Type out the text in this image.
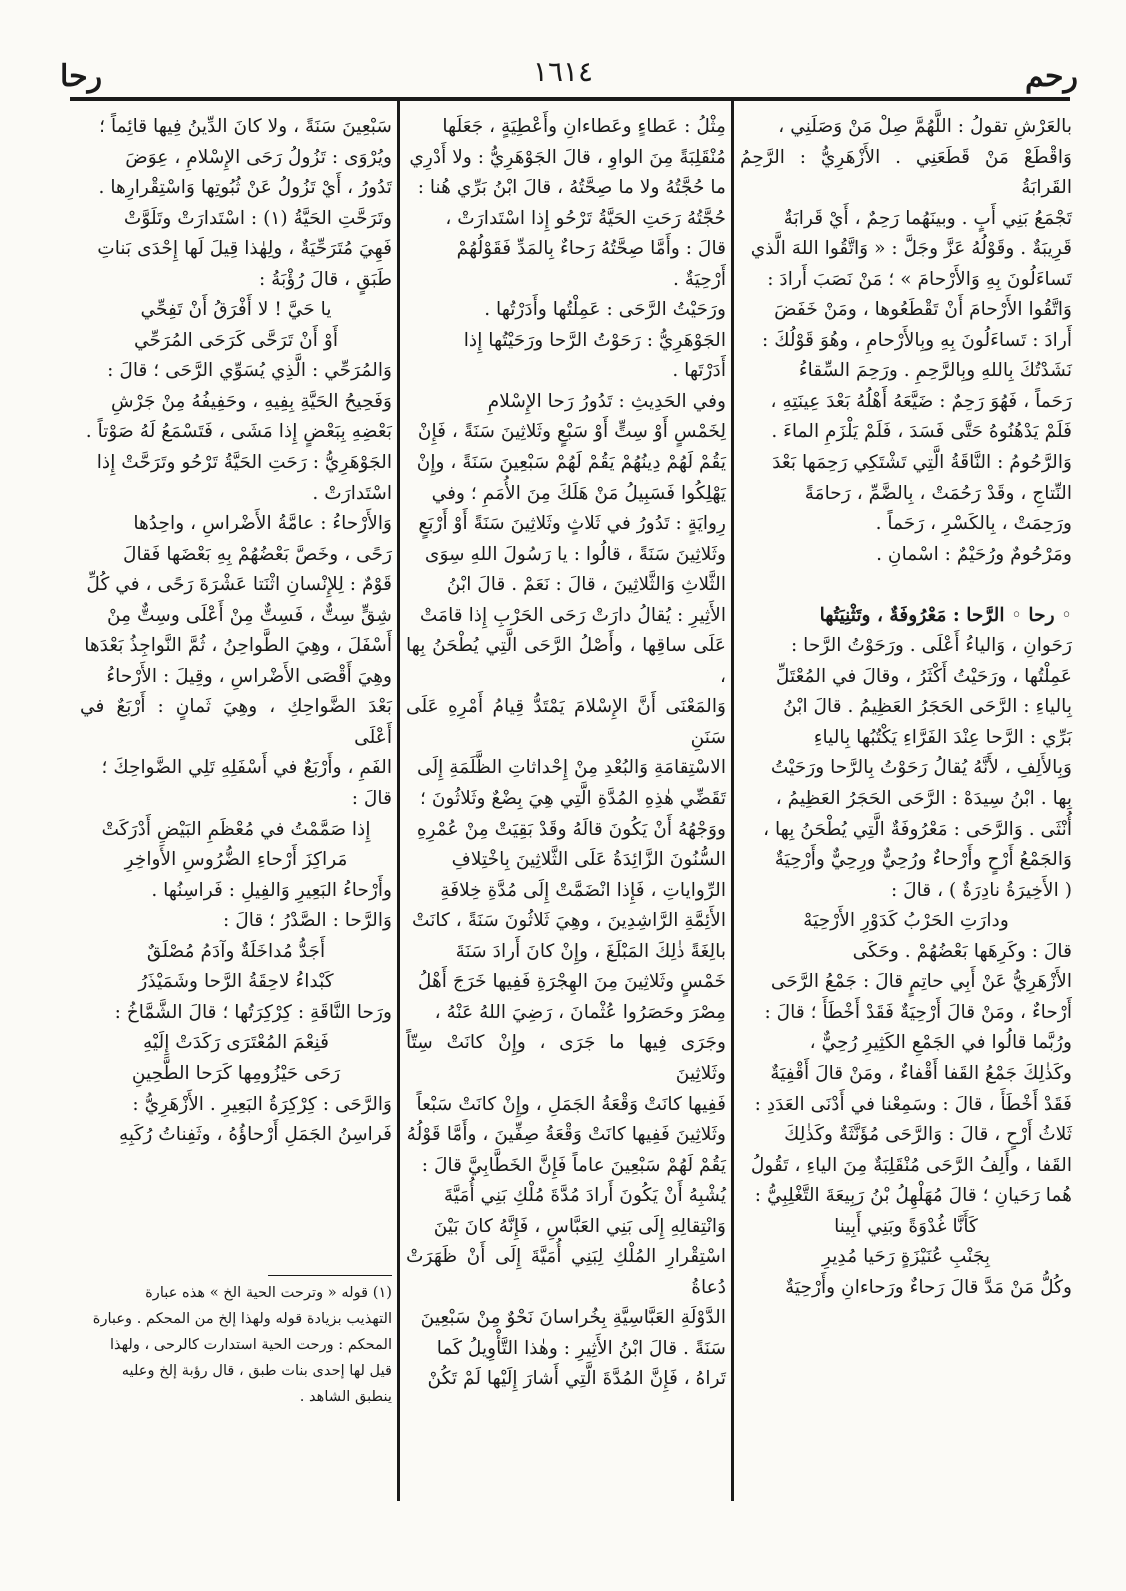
رحم
١٦١٤
رحا

بالعَرْشِ تقولُ : اللَّهُمَّ صِلْ مَنْ وَصَلَنِي ،

وَاقْطَعْ مَنْ قَطَعَنِي . الأَزْهَرِيُّ : الرَّحِمُ القَرابَةُ

تَجْمَعُ بَنِي أَبٍ . وبينَهُما رَحِمٌ ، أَيْ قَرابَةٌ

قَرِيبَةٌ . وقَوْلُهُ عَزَّ وجَلَّ : « وَاتَّقُوا اللهَ الَّذي

تَساءَلُونَ بِهِ وَالأَرْحامَ » ؛ مَنْ نَصَبَ أَرادَ :

وَاتَّقُوا الأَرْحامَ أَنْ تَقْطَعُوها ، ومَنْ خَفَضَ

أَرادَ : تَساءَلُونَ بِهِ وبِالأَرْحامِ ، وهُوَ قَوْلُكَ :

نَشَدْتُكَ بِاللهِ وبِالرَّحِمِ . ورَحِمَ السِّقاءُ

رَحَماً ، فَهُوَ رَحِمٌ : ضَيَّعَهُ أَهْلُهُ بَعْدَ عِينَتِهِ ،

فَلَمْ يَدْهُنُوهُ حَتَّى فَسَدَ ، فَلَمْ يَلْزَمِ الماءَ .

وَالرَّحُومُ : النَّاقَةُ الَّتِي تَشْتَكِي رَحِمَها بَعْدَ

النِّتاجِ ، وقَدْ رَحُمَتْ ، بِالضَّمِّ ، رَحامَةً

ورَحِمَتْ ، بِالكَسْرِ ، رَحَماً .

ومَرْحُومٌ ورُحَيْمٌ : اسْمانِ .

◦ رحا ◦ الرَّحا : مَعْرُوفَةٌ ، وتَثْنِيَتُها

رَحَوانِ ، وَالياءُ أَعْلَى . ورَحَوْتُ الرَّحا :

عَمِلْتُها ، ورَحَيْتُ أَكْثَرُ ، وقالَ في المُعْتَلِّ

بِالياءِ : الرَّحَى الحَجَرُ العَظِيمُ . قالَ ابْنُ

بَرِّي : الرَّحا عِنْدَ الفَرَّاءِ يَكْتُبُها بِالياءِ

وَبِالأَلِفِ ، لأَنَّهُ يُقالُ رَحَوْتُ بِالرَّحا ورَحَيْتُ

بِها . ابْنُ سِيدَهْ : الرَّحَى الحَجَرُ العَظِيمُ ،

أُنْثَى . وَالرَّحَى : مَعْرُوفَةٌ الَّتِي يُطْحَنُ بِها ،

وَالجَمْعُ أَرْحٍ وأَرْحاءٌ ورُحِيٌّ ورِحِيٌّ وأَرْحِيَةٌ

( الأَخِيرَةُ نادِرَةٌ ) ، قالَ :

ودارَتِ الحَرْبُ كَدَوْرِ الأَرْحِيَهْ

قالَ : وكَرِهَها بَعْضُهُمْ . وحَكَى

الأَزْهَرِيُّ عَنْ أَبِي حاتِمٍ قالَ : جَمْعُ الرَّحَى

أَرْحاءٌ ، ومَنْ قالَ أَرْحِيَةٌ فَقَدْ أَخْطَأَ ؛ قالَ :

ورُبَّما قالُوا في الجَمْعِ الكَثِيرِ رُحِيٌّ ،

وكَذٰلِكَ جَمْعُ القَفا أَقْفاءٌ ، ومَنْ قالَ أَقْفِيَةٌ

فَقَدْ أَخْطَأَ ، قالَ : وسَمِعْنا في أَدْنَى العَدَدِ :

ثَلاثُ أَرْحٍ ، قالَ : وَالرَّحَى مُؤَنَّثَةٌ وكَذٰلِكَ

القَفا ، وأَلِفُ الرَّحَى مُنْقَلِبَةٌ مِنَ الياءِ ، تَقُولُ

هُما رَحَيانِ ؛ قالَ مُهَلْهِلُ بْنُ رَبِيعَةَ التَّغْلِبِيُّ :

كَأَنَّا غُدْوَةً وبَنِي أَبِينا

بِجَنْبِ عُنَيْزَةٍ رَحَيا مُدِيرِ

وكُلُّ مَنْ مَدَّ قالَ رَحاءٌ ورَحاءانِ وأَرْحِيَةٌ

مِثْلُ : عَطاءٍ وعَطاءانِ وأَعْطِيَةٍ ، جَعَلَها

مُنْقَلِبَةً مِنَ الواوِ ، قالَ الجَوْهَرِيُّ : ولا أَدْرِي

ما حُجَّتُهُ ولا ما صِحَّتُهُ ، قالَ ابْنُ بَرِّي هُنا :

حُجَّتُهُ رَحَتِ الحَيَّةُ تَرْحُو إِذا اسْتَدارَتْ ،

قالَ : وأَمَّا صِحَّتُهُ رَحاءٌ بِالمَدِّ فَقَوْلُهُمْ

أَرْحِيَةٌ .

ورَحَيْتُ الرَّحَى : عَمِلْتُها وأَدَرْتُها .

الجَوْهَرِيُّ : رَحَوْتُ الرَّحا ورَحَيْتُها إِذا

أَدَرْتَها .

وفي الحَدِيثِ : تَدُورُ رَحا الإِسْلامِ

لِخَمْسٍ أَوْ سِتٍّ أَوْ سَبْعٍ وثَلاثِينَ سَنَةً ، فَإِنْ

يَقُمْ لَهُمْ دِينُهُمْ يَقُمْ لَهُمْ سَبْعِينَ سَنَةً ، وإِنْ

يَهْلِكُوا فَسَبِيلُ مَنْ هَلَكَ مِنَ الأُمَمِ ؛ وفي

رِوايَةٍ : تَدُورُ في ثَلاثٍ وثَلاثِينَ سَنَةً أَوْ أَرْبَعٍ

وثَلاثِينَ سَنَةً ، قالُوا : يا رَسُولَ اللهِ سِوَى

الثَّلاثِ وَالثَّلاثِينَ ، قالَ : نَعَمْ . قالَ ابْنُ

الأَثِيرِ : يُقالُ دارَتْ رَحَى الحَرْبِ إِذا قامَتْ

عَلَى ساقِها ، وأَصْلُ الرَّحَى الَّتِي يُطْحَنُ بِها ،

وَالمَعْنَى أَنَّ الإِسْلامَ يَمْتَدُّ قِيامُ أَمْرِهِ عَلَى سَنَنِ

الاسْتِقامَةِ وَالبُعْدِ مِنْ إِحْداثاتِ الظَّلَمَةِ إِلَى

تَقَضِّي هٰذِهِ المُدَّةِ الَّتِي هِيَ بِضْعٌ وثَلاثُونَ ؛

ووَجْهُهُ أَنْ يَكُونَ قالَهُ وقَدْ بَقِيَتْ مِنْ عُمْرِهِ

السُّنُونَ الزَّائِدَةُ عَلَى الثَّلاثِينَ بِاخْتِلافِ

الرِّواياتِ ، فَإِذا انْضَمَّتْ إِلَى مُدَّةِ خِلافَةِ

الأَئِمَّةِ الرَّاشِدِينَ ، وهِيَ ثَلاثُونَ سَنَةً ، كانَتْ

بالِغَةً ذٰلِكَ المَبْلَغَ ، وإِنْ كانَ أَرادَ سَنَةَ

خَمْسٍ وثَلاثِينَ مِنَ الهِجْرَةِ فَفِيها خَرَجَ أَهْلُ

مِصْرَ وحَصَرُوا عُثْمانَ ، رَضِيَ اللهُ عَنْهُ ،

وجَرَى فِيها ما جَرَى ، وإِنْ كانَتْ سِتّاً وثَلاثِينَ

فَفِيها كانَتْ وَقْعَةُ الجَمَلِ ، وإِنْ كانَتْ سَبْعاً

وثَلاثِينَ فَفِيها كانَتْ وَقْعَةُ صِفِّينَ ، وأَمَّا قَوْلُهُ

يَقُمْ لَهُمْ سَبْعِينَ عاماً فَإِنَّ الخَطَّابِيَّ قالَ :

يُشْبِهُ أَنْ يَكُونَ أَرادَ مُدَّةَ مُلْكِ بَنِي أُمَيَّةَ

وَانْتِقالِهِ إِلَى بَنِي العَبَّاسِ ، فَإِنَّهُ كانَ بَيْنَ

اسْتِقْرارِ المُلْكِ لِبَنِي أُمَيَّةَ إِلَى أَنْ ظَهَرَتْ دُعاةُ

الدَّوْلَةِ العَبَّاسِيَّةِ بِخُراسانَ نَحْوٌ مِنْ سَبْعِينَ

سَنَةً . قالَ ابْنُ الأَثِيرِ : وهٰذا التَّأْوِيلُ كَما

تَراهُ ، فَإِنَّ المُدَّةَ الَّتِي أَشارَ إِلَيْها لَمْ تَكُنْ

سَبْعِينَ سَنَةً ، ولا كانَ الدِّينُ فِيها قائِماً ؛

ويُرْوَى : تَزُولُ رَحَى الإِسْلامِ ، عِوَضَ

تَدُورُ ، أَيْ تَزُولُ عَنْ ثُبُوتِها وَاسْتِقْرارِها .

وتَرَحَّتِ الحَيَّةُ (١) : اسْتَدارَتْ وتَلَوَّتْ

فَهِيَ مُتَرَحِّيَةٌ ، ولِهٰذا قِيلَ لَها إِحْدَى بَناتِ

طَبَقٍ ، قالَ رُؤْبَةُ :

يا حَيَّ ! لا أَفْرَقُ أَنْ تَفِحِّي

أَوْ أَنْ تَرَحَّى كَرَحَى المُرَحِّي

وَالمُرَحِّي : الَّذِي يُسَوِّي الرَّحَى ؛ قالَ :

وَفَحِيحُ الحَيَّةِ بِفِيهِ ، وحَفِيفُهُ مِنْ جَرْشِ

بَعْضِهِ بِبَعْضٍ إِذا مَشَى ، فَتَسْمَعُ لَهُ صَوْتاً .

الجَوْهَرِيُّ : رَحَتِ الحَيَّةُ تَرْحُو وتَرَحَّتْ إِذا

اسْتَدارَتْ .

وَالأَرْحاءُ : عامَّةُ الأَضْراسِ ، واحِدُها

رَحًى ، وخَصَّ بَعْضُهُمْ بِهِ بَعْضَها فَقالَ

قَوْمٌ : لِلإِنْسانِ اثْنَتا عَشْرَةَ رَحًى ، في كُلِّ

شِقٍّ سِتٌّ ، فَسِتٌّ مِنْ أَعْلَى وسِتٌّ مِنْ

أَسْفَلَ ، وهِيَ الطَّواحِنُ ، ثُمَّ النَّواجِذُ بَعْدَها

وهِيَ أَقْصَى الأَضْراسِ ، وقِيلَ : الأَرْحاءُ

بَعْدَ الضَّواحِكِ ، وهِيَ ثَمانٍ : أَرْبَعٌ في أَعْلَى

الفَمِ ، وأَرْبَعٌ في أَسْفَلِهِ تَلِي الضَّواحِكَ ؛

قالَ :

إِذا صَمَّمْتُ في مُعْظَمِ البَيْضِ أَدْرَكَتْ

مَراكِزَ أَرْحاءِ الضُّرُوسِ الأَواخِرِ

وأَرْحاءُ البَعِيرِ وَالفِيلِ : فَراسِنُها .

وَالرَّحا : الصَّدْرُ ؛ قالَ :

أَجَدُّ مُداخَلَةٌ وآدَمُ مُصْلَقٌ

كَبْداءُ لاحِقَةُ الرَّحا وشَمَيْذَرُ

ورَحا النَّاقَةِ : كِرْكِرَتُها ؛ قالَ الشَّمَّاخُ :

فَنِعْمَ المُعْتَرَى رَكَدَتْ إِلَيْهِ

رَحَى حَيْزُومِها كَرَحا الطَّحِينِ

وَالرَّحَى : كِرْكِرَةُ البَعِيرِ . الأَزْهَرِيُّ :

فَراسِنُ الجَمَلِ أَرْحاؤُهُ ، وثَفِناتُ رُكَبِهِ

(١) قوله « وترحت الحية الخ » هذه عبارة

التهذيب بزيادة قوله ولهذا إلخ من المحكم . وعبارة

المحكم : ورحت الحية استدارت كالرحى ، ولهذا

قيل لها إحدى بنات طبق ، قال رؤبة إلخ وعليه

ينطبق الشاهد .
